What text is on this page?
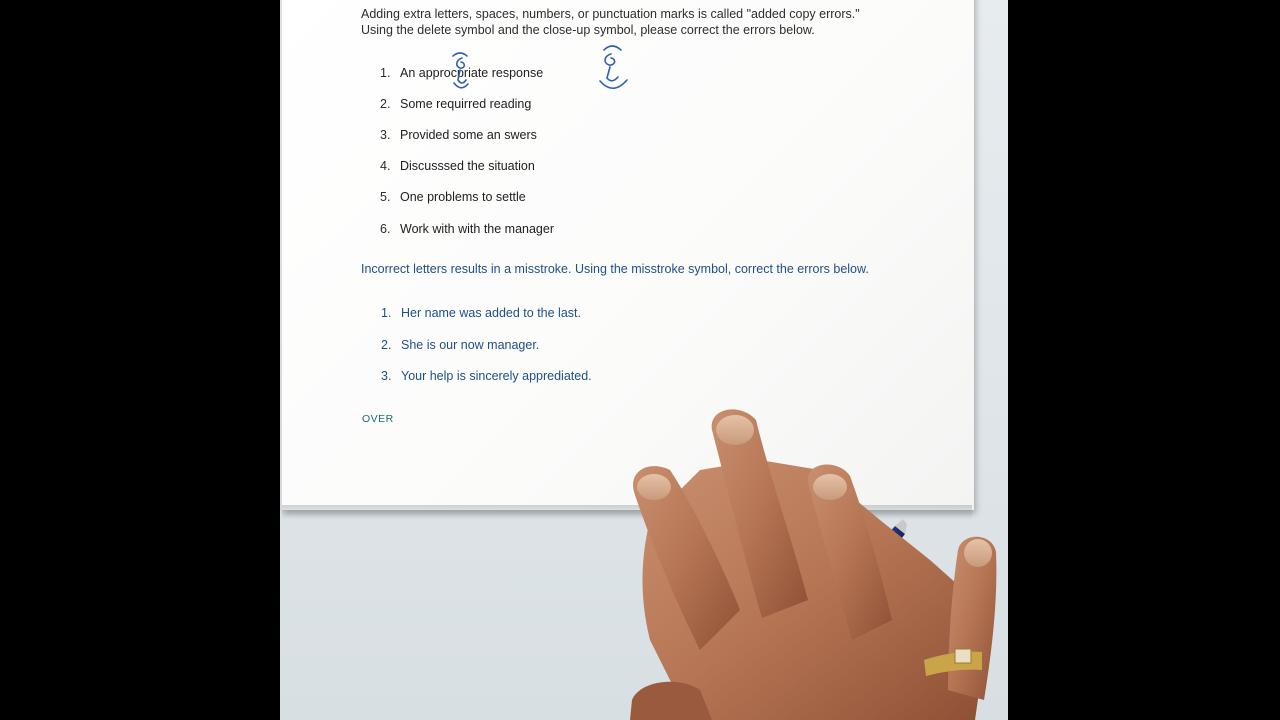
Adding extra letters, spaces, numbers, or punctuation marks is called "added copy errors." Using the delete symbol and the close-up symbol, please correct the errors below.
1. An approcpriate response
2. Some requirred reading
3. Provided some an swers
4. Discusssed the situation
5. One problems to settle
6. Work with with the manager
Incorrect letters results in a misstroke. Using the misstroke symbol, correct the errors below.
1. Her name was added to the last.
2. She is our now manager.
3. Your help is sincerely apprediated.
OVER
